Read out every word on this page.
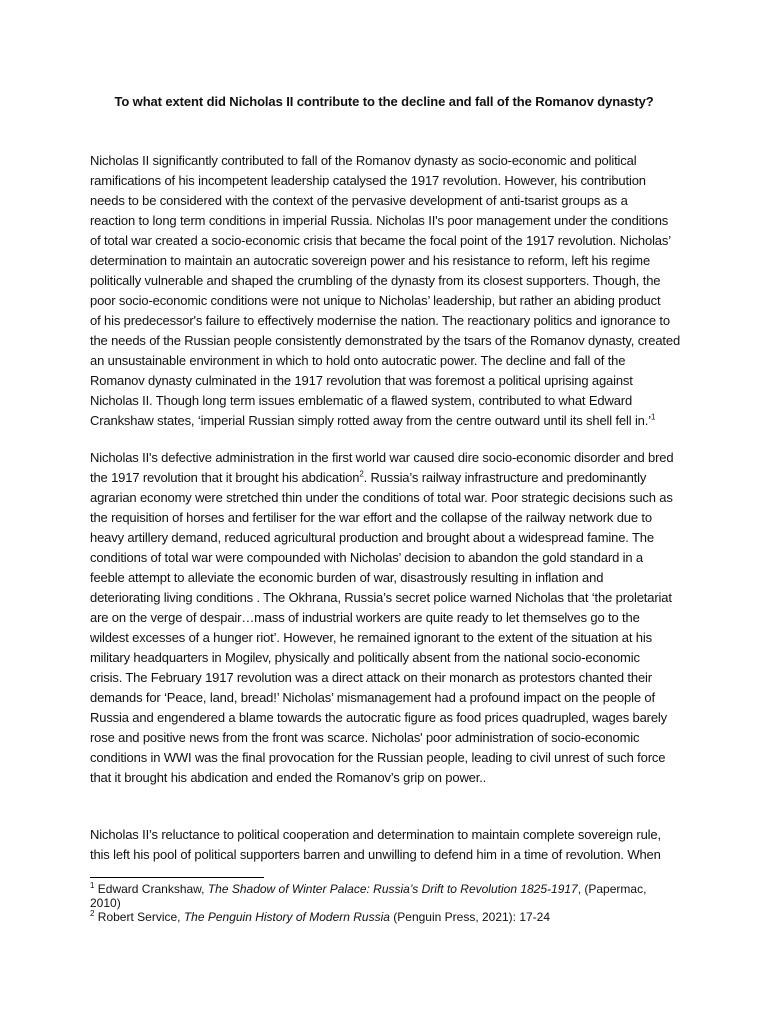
To what extent did Nicholas II contribute to the decline and fall of the Romanov dynasty?

Nicholas II significantly contributed to fall of the Romanov dynasty as socio-economic and political
ramifications of his incompetent leadership catalysed the 1917 revolution. However, his contribution
needs to be considered with the context of the pervasive development of anti-tsarist groups as a
reaction to long term conditions in imperial Russia. Nicholas II's poor management under the conditions
of total war created a socio-economic crisis that became the focal point of the 1917 revolution. Nicholas’
determination to maintain an autocratic sovereign power and his resistance to reform, left his regime
politically vulnerable and shaped the crumbling of the dynasty from its closest supporters. Though, the
poor socio-economic conditions were not unique to Nicholas’ leadership, but rather an abiding product
of his predecessor's failure to effectively modernise the nation. The reactionary politics and ignorance to
the needs of the Russian people consistently demonstrated by the tsars of the Romanov dynasty, created
an unsustainable environment in which to hold onto autocratic power. The decline and fall of the
Romanov dynasty culminated in the 1917 revolution that was foremost a political uprising against
Nicholas II. Though long term issues emblematic of a flawed system, contributed to what Edward
Crankshaw states, ‘imperial Russian simply rotted away from the centre outward until its shell fell in.’$^1$

Nicholas II's defective administration in the first world war caused dire socio-economic disorder and bred
the 1917 revolution that it brought his abdication$^2$. Russia’s railway infrastructure and predominantly
agrarian economy were stretched thin under the conditions of total war. Poor strategic decisions such as
the requisition of horses and fertiliser for the war effort and the collapse of the railway network due to
heavy artillery demand, reduced agricultural production and brought about a widespread famine. The
conditions of total war were compounded with Nicholas’ decision to abandon the gold standard in a
feeble attempt to alleviate the economic burden of war, disastrously resulting in inflation and
deteriorating living conditions . The Okhrana, Russia’s secret police warned Nicholas that ‘the proletariat
are on the verge of despair…mass of industrial workers are quite ready to let themselves go to the
wildest excesses of a hunger riot’. However, he remained ignorant to the extent of the situation at his
military headquarters in Mogilev, physically and politically absent from the national socio-economic
crisis. The February 1917 revolution was a direct attack on their monarch as protestors chanted their
demands for ‘Peace, land, bread!’ Nicholas’ mismanagement had a profound impact on the people of
Russia and engendered a blame towards the autocratic figure as food prices quadrupled, wages barely
rose and positive news from the front was scarce. Nicholas' poor administration of socio-economic
conditions in WWI was the final provocation for the Russian people, leading to civil unrest of such force
that it brought his abdication and ended the Romanov’s grip on power..

Nicholas II’s reluctance to political cooperation and determination to maintain complete sovereign rule,
this left his pool of political supporters barren and unwilling to defend him in a time of revolution. When

$^1$ Edward Crankshaw, The Shadow of Winter Palace: Russia’s Drift to Revolution 1825-1917, (Papermac,
2010)
$^2$ Robert Service, The Penguin History of Modern Russia (Penguin Press, 2021): 17-24
